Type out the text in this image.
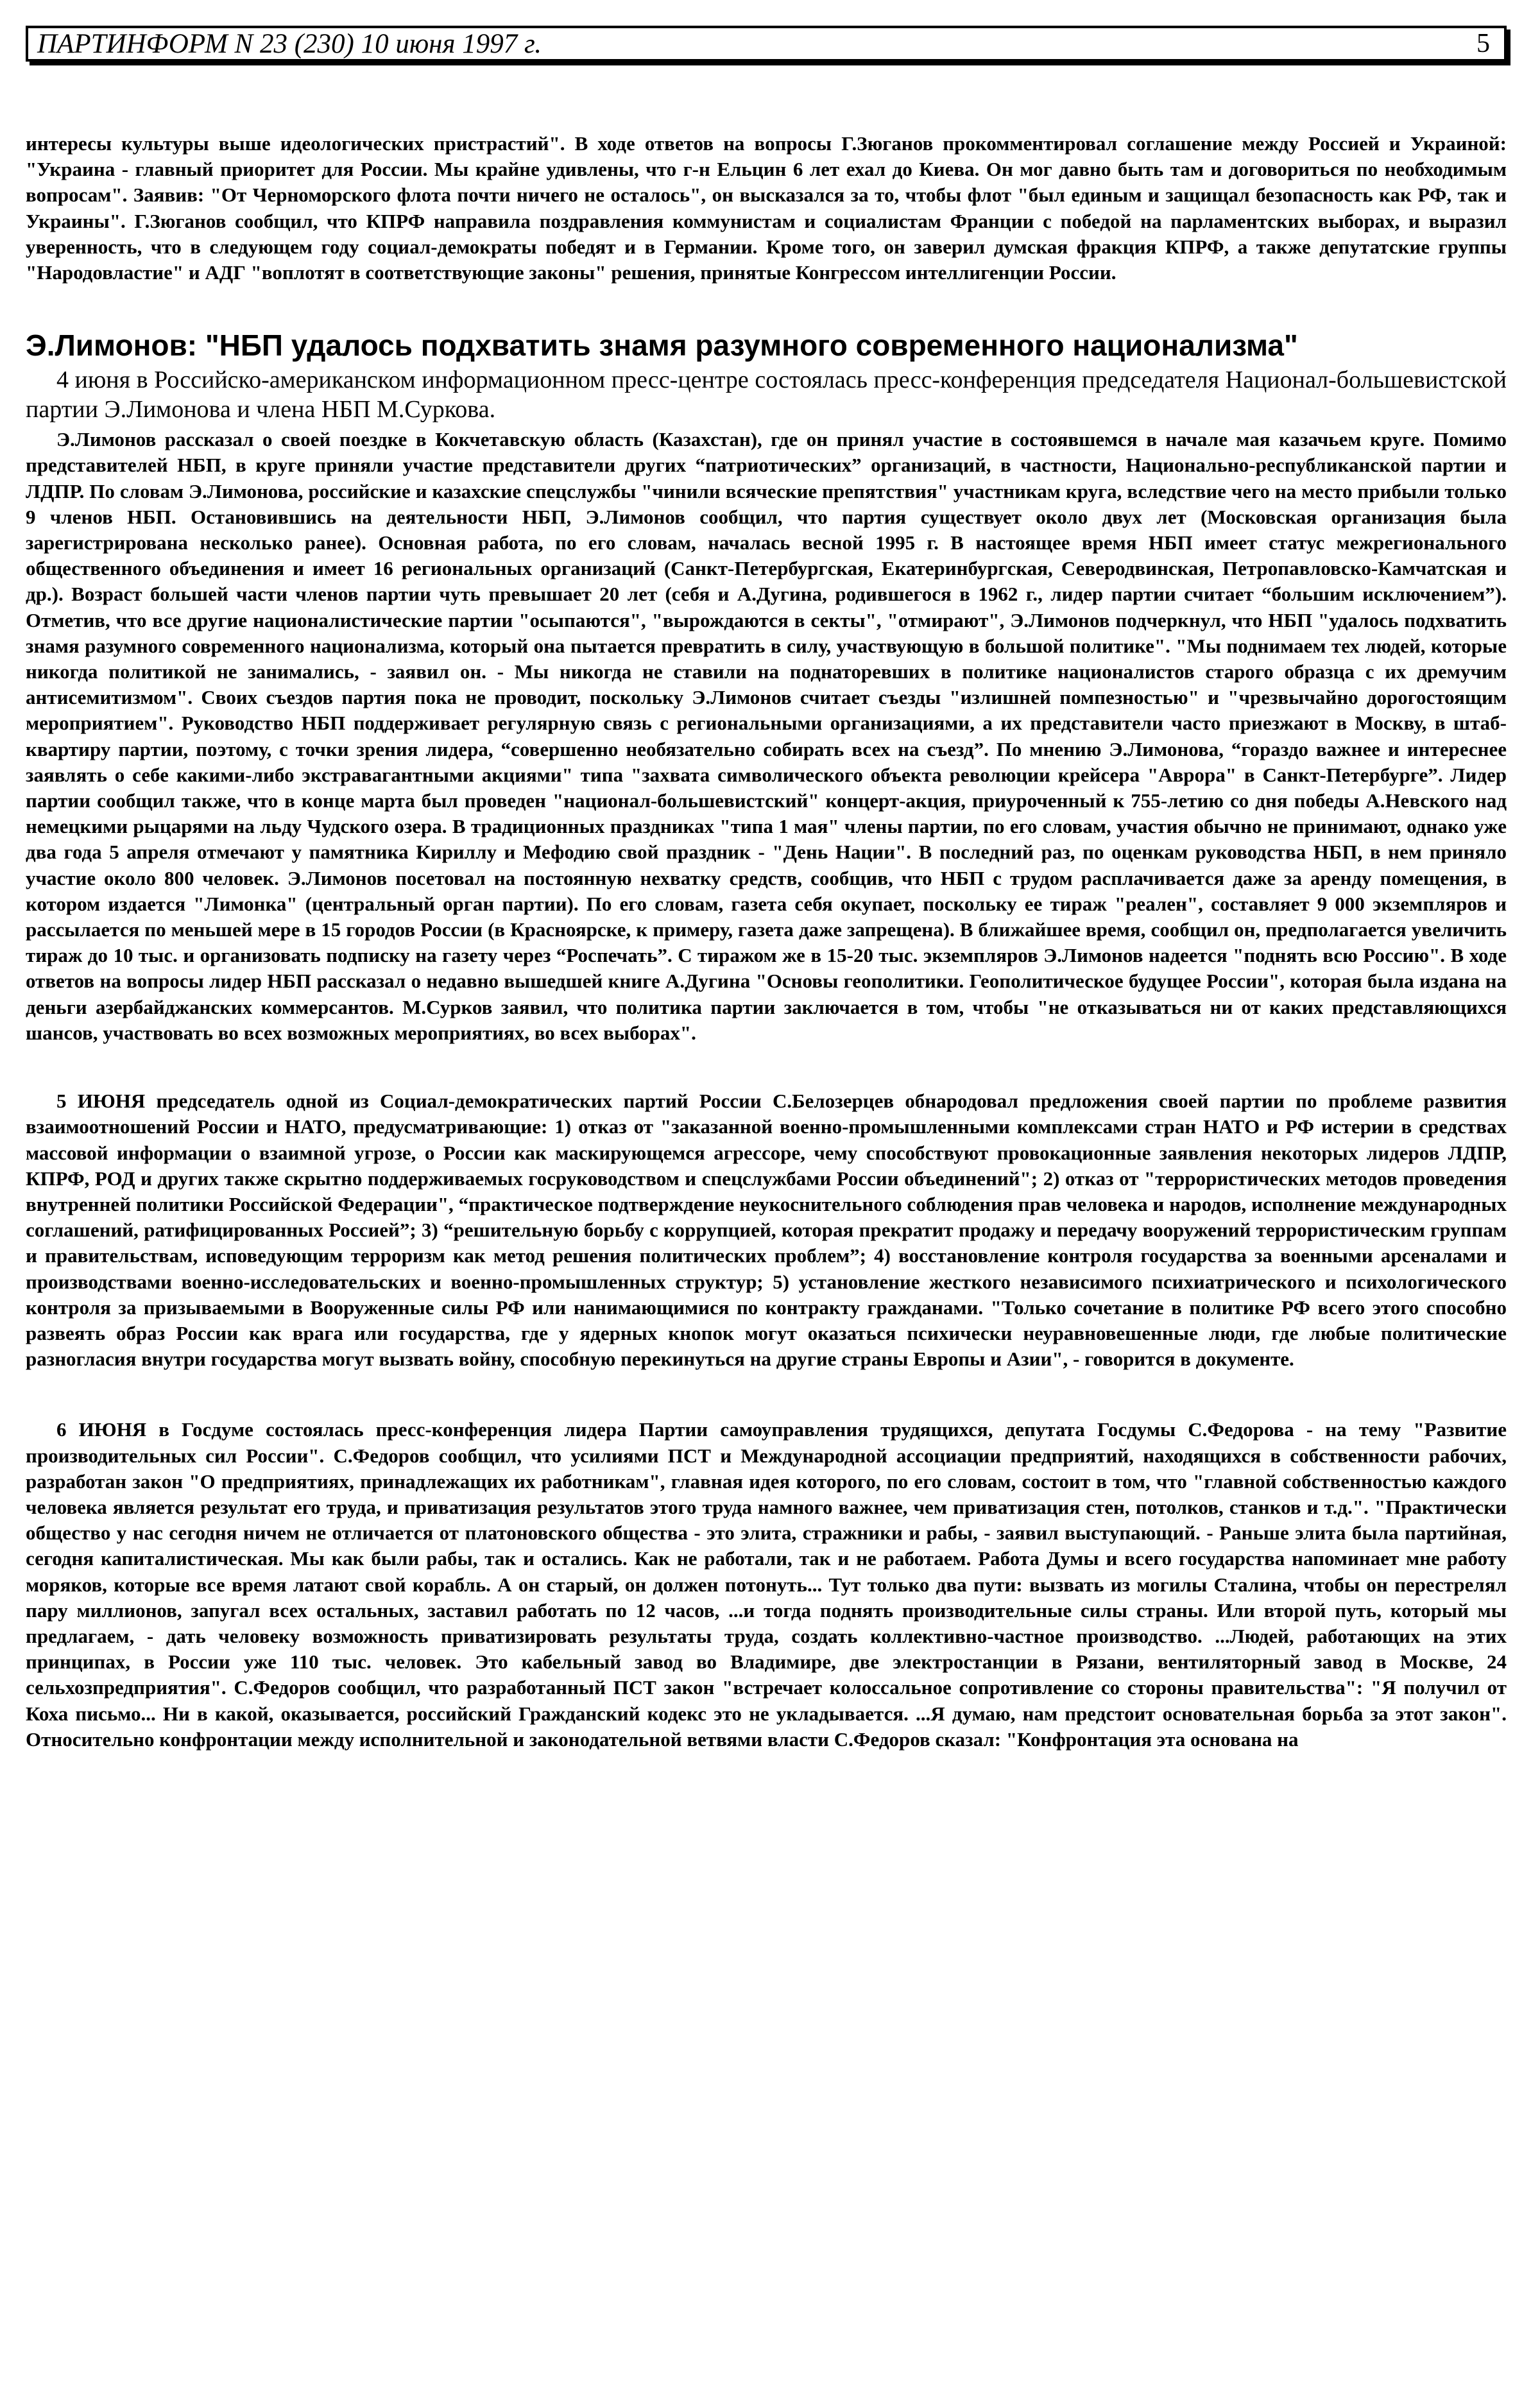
ПАРТИНФОРМ N 23 (230) 10 июня 1997 г.	5

интересы культуры выше идеологических пристрастий". В ходе ответов на вопросы Г.Зюганов прокомментировал соглашение между Россией и Украиной: "Украина - главный приоритет для России. Мы крайне удивлены, что г-н Ельцин 6 лет ехал до Киева. Он мог давно быть там и договориться по необходимым вопросам". Заявив: "От Черноморского флота почти ничего не осталось", он высказался за то, чтобы флот "был единым и защищал безопасность как РФ, так и Украины". Г.Зюганов сообщил, что КПРФ направила поздравления коммунистам и социалистам Франции с победой на парламентских выборах, и выразил уверенность, что в следующем году социал-демократы победят и в Германии. Кроме того, он заверил думская фракция КПРФ, а также депутатские группы "Народовластие" и АДГ "воплотят в соответствующие законы" решения, принятые Конгрессом интеллигенции России.

Э.Лимонов: "НБП удалось подхватить знамя разумного современного национализма"

4 июня в Российско-американском информационном пресс-центре состоялась пресс-конференция председателя Национал-большевистской партии Э.Лимонова и члена НБП М.Суркова.

Э.Лимонов рассказал о своей поездке в Кокчетавскую область (Казахстан), где он принял участие в состоявшемся в начале мая казачьем круге. Помимо представителей НБП, в круге приняли участие представители других “патриотических” организаций, в частности, Национально-республиканской партии и ЛДПР. По словам Э.Лимонова, российские и казахские спецслужбы "чинили всяческие препятствия" участникам круга, вследствие чего на место прибыли только 9 членов НБП. Остановившись на деятельности НБП, Э.Лимонов сообщил, что партия существует около двух лет (Московская организация была зарегистрирована несколько ранее). Основная работа, по его словам, началась весной 1995 г. В настоящее время НБП имеет статус межрегионального общественного объединения и имеет 16 региональных организаций (Санкт-Петербургская, Екатеринбургская, Северодвинская, Петропавловско-Камчатская и др.). Возраст большей части членов партии чуть превышает 20 лет (себя и А.Дугина, родившегося в 1962 г., лидер партии считает “большим исключением”). Отметив, что все другие националистические партии "осыпаются", "вырождаются в секты", "отмирают", Э.Лимонов подчеркнул, что НБП "удалось подхватить знамя разумного современного национализма, который она пытается превратить в силу, участвующую в большой политике". "Мы поднимаем тех людей, которые никогда политикой не занимались, - заявил он. - Мы никогда не ставили на поднаторевших в политике националистов старого образца с их дремучим антисемитизмом". Своих съездов партия пока не проводит, поскольку Э.Лимонов считает съезды "излишней помпезностью" и "чрезвычайно дорогостоящим мероприятием". Руководство НБП поддерживает регулярную связь с региональными организациями, а их представители часто приезжают в Москву, в штаб-квартиру партии, поэтому, с точки зрения лидера, “совершенно необязательно собирать всех на съезд”. По мнению Э.Лимонова, “гораздо важнее и интереснее заявлять о себе какими-либо экстравагантными акциями" типа "захвата символического объекта революции крейсера "Аврора" в Санкт-Петербурге”. Лидер партии сообщил также, что в конце марта был проведен "национал-большевистский" концерт-акция, приуроченный к 755-летию со дня победы А.Невского над немецкими рыцарями на льду Чудского озера. В традиционных праздниках "типа 1 мая" члены партии, по его словам, участия обычно не принимают, однако уже два года 5 апреля отмечают у памятника Кириллу и Мефодию свой праздник - "День Нации". В последний раз, по оценкам руководства НБП, в нем приняло участие около 800 человек. Э.Лимонов посетовал на постоянную нехватку средств, сообщив, что НБП с трудом расплачивается даже за аренду помещения, в котором издается "Лимонка" (центральный орган партии). По его словам, газета себя окупает, поскольку ее тираж "реален", составляет 9 000 экземпляров и рассылается по меньшей мере в 15 городов России (в Красноярске, к примеру, газета даже запрещена). В ближайшее время, сообщил он, предполагается увеличить тираж до 10 тыс. и организовать подписку на газету через “Роспечать”. С тиражом же в 15-20 тыс. экземпляров Э.Лимонов надеется "поднять всю Россию". В ходе ответов на вопросы лидер НБП рассказал о недавно вышедшей книге А.Дугина "Основы геополитики. Геополитическое будущее России", которая была издана на деньги азербайджанских коммерсантов. М.Сурков заявил, что политика партии заключается в том, чтобы "не отказываться ни от каких представляющихся шансов, участвовать во всех возможных мероприятиях, во всех выборах".

5 ИЮНЯ председатель одной из Социал-демократических партий России С.Белозерцев обнародовал предложения своей партии по проблеме развития взаимоотношений России и НАТО, предусматривающие: 1) отказ от "заказанной военно-промышленными комплексами стран НАТО и РФ истерии в средствах массовой информации о взаимной угрозе, о России как маскирующемся агрессоре, чему способствуют провокационные заявления некоторых лидеров ЛДПР, КПРФ, РОД и других также скрытно поддерживаемых госруководством и спецслужбами России объединений"; 2) отказ от "террористических методов проведения внутренней политики Российской Федерации", “практическое подтверждение неукоснительного соблюдения прав человека и народов, исполнение международных соглашений, ратифицированных Россией”; 3) “решительную борьбу с коррупцией, которая прекратит продажу и передачу вооружений террористическим группам и правительствам, исповедующим терроризм как метод решения политических проблем”; 4) восстановление контроля государства за военными арсеналами и производствами военно-исследовательских и военно-промышленных структур; 5) установление жесткого независимого психиатрического и психологического контроля за призываемыми в Вооруженные силы РФ или нанимающимися по контракту гражданами. "Только сочетание в политике РФ всего этого способно развеять образ России как врага или государства, где у ядерных кнопок могут оказаться психически неуравновешенные люди, где любые политические разногласия внутри государства могут вызвать войну, способную перекинуться на другие страны Европы и Азии", - говорится в документе.

6 ИЮНЯ в Госдуме состоялась пресс-конференция лидера Партии самоуправления трудящихся, депутата Госдумы С.Федорова - на тему "Развитие производительных сил России". С.Федоров сообщил, что усилиями ПСТ и Международной ассоциации предприятий, находящихся в собственности рабочих, разработан закон "О предприятиях, принадлежащих их работникам", главная идея которого, по его словам, состоит в том, что "главной собственностью каждого человека является результат его труда, и приватизация результатов этого труда намного важнее, чем приватизация стен, потолков, станков и т.д.". "Практически общество у нас сегодня ничем не отличается от платоновского общества - это элита, стражники и рабы, - заявил выступающий. - Раньше элита была партийная, сегодня капиталистическая. Мы как были рабы, так и остались. Как не работали, так и не работаем. Работа Думы и всего государства напоминает мне работу моряков, которые все время латают свой корабль. А он старый, он должен потонуть... Тут только два пути: вызвать из могилы Сталина, чтобы он перестрелял пару миллионов, запугал всех остальных, заставил работать по 12 часов, ...и тогда поднять производительные силы страны. Или второй путь, который мы предлагаем, - дать человеку возможность приватизировать результаты труда, создать коллективно-частное производство. ...Людей, работающих на этих принципах, в России уже 110 тыс. человек. Это кабельный завод во Владимире, две электростанции в Рязани, вентиляторный завод в Москве, 24 сельхозпредприятия". С.Федоров сообщил, что разработанный ПСТ закон "встречает колоссальное сопротивление со стороны правительства": "Я получил от Коха письмо... Ни в какой, оказывается, российский Гражданский кодекс это не укладывается. ...Я думаю, нам предстоит основательная борьба за этот закон". Относительно конфронтации между исполнительной и законодательной ветвями власти С.Федоров сказал: "Конфронтация эта основана на
